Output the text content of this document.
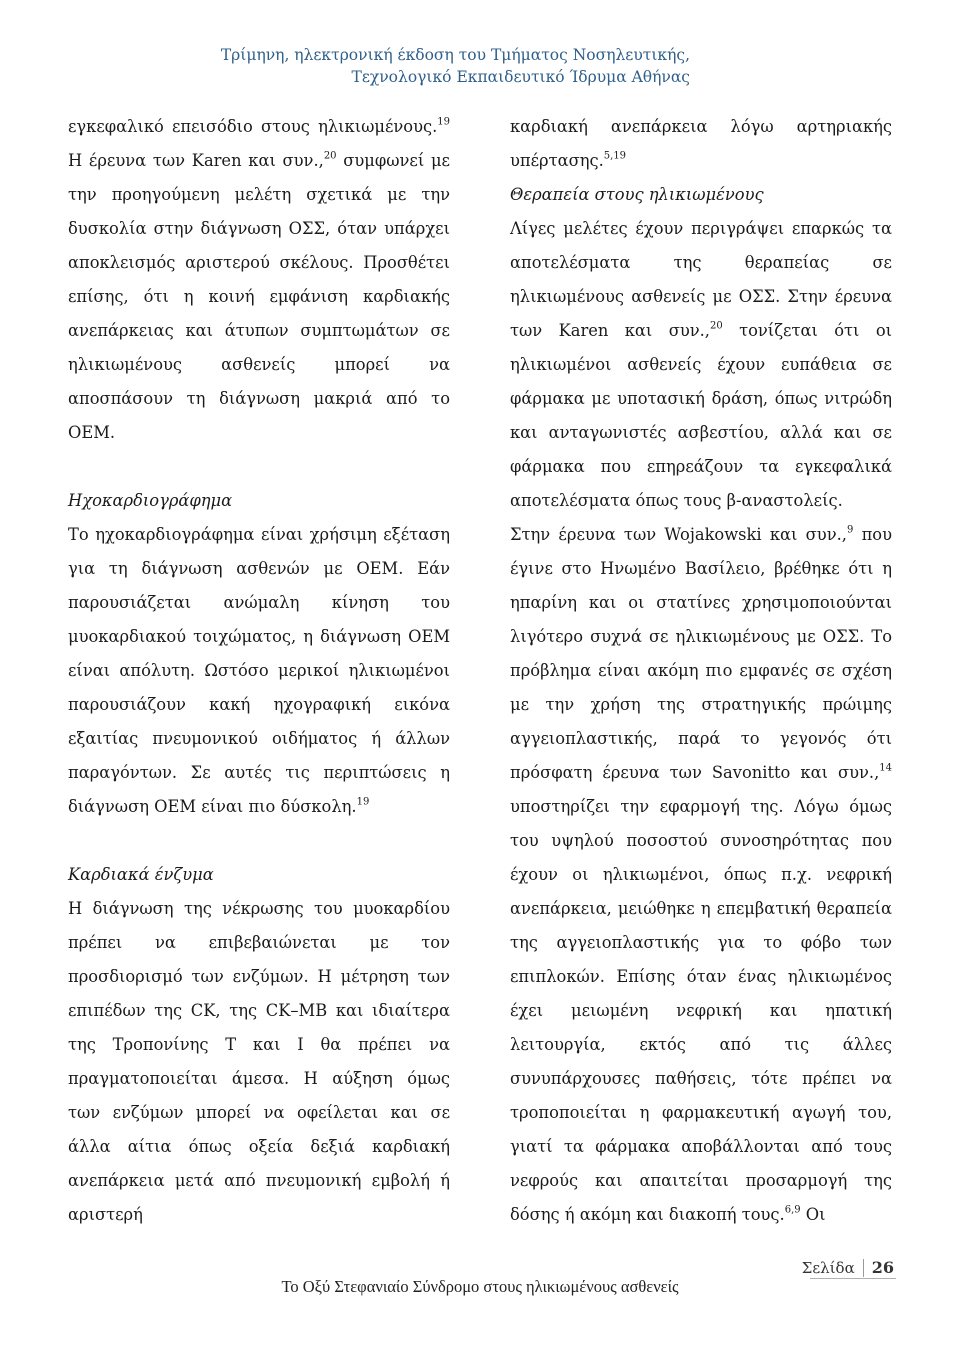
Τρίμηνη, ηλεκτρονική έκδοση του Τμήματος Νοσηλευτικής,
Τεχνολογικό Εκπαιδευτικό Ίδρυμα Αθήνας

εγκεφαλικό επεισόδιο στους ηλικιωμένους.$^{19}$ Η έρευνα των Karen και συν.,$^{20}$ συμφωνεί με την προηγούμενη μελέτη σχετικά με την δυσκολία στην διάγνωση ΟΣΣ, όταν υπάρχει αποκλεισμός αριστερού σκέλους. Προσθέτει επίσης, ότι η κοινή εμφάνιση καρδιακής ανεπάρκειας και άτυπων συμπτωμάτων σε ηλικιωμένους ασθενείς μπορεί να αποσπάσουν τη διάγνωση μακριά από το ΟΕΜ.

Ηχοκαρδιογράφημα

Το ηχοκαρδιογράφημα είναι χρήσιμη εξέταση για τη διάγνωση ασθενών με ΟΕΜ. Εάν παρουσιάζεται ανώμαλη κίνηση του μυοκαρδιακού τοιχώματος, η διάγνωση ΟΕΜ είναι απόλυτη. Ωστόσο μερικοί ηλικιωμένοι παρουσιάζουν κακή ηχογραφική εικόνα εξαιτίας πνευμονικού οιδήματος ή άλλων παραγόντων. Σε αυτές τις περιπτώσεις η διάγνωση ΟΕΜ είναι πιο δύσκολη.$^{19}$

Καρδιακά ένζυμα

Η διάγνωση της νέκρωσης του μυοκαρδίου πρέπει να επιβεβαιώνεται με τον προσδιορισμό των ενζύμων. Η μέτρηση των επιπέδων της CK, της CK–MB και ιδιαίτερα της Τροπονίνης Τ και Ι θα πρέπει να πραγματοποιείται άμεσα. Η αύξηση όμως των ενζύμων μπορεί να οφείλεται και σε άλλα αίτια όπως οξεία δεξιά καρδιακή ανεπάρκεια μετά από πνευμονική εμβολή ή αριστερή

καρδιακή ανεπάρκεια λόγω αρτηριακής υπέρτασης.$^{5,19}$

Θεραπεία στους ηλικιωμένους

Λίγες μελέτες έχουν περιγράψει επαρκώς τα αποτελέσματα της θεραπείας σε ηλικιωμένους ασθενείς με ΟΣΣ. Στην έρευνα των Karen και συν.,$^{20}$ τονίζεται ότι οι ηλικιωμένοι ασθενείς έχουν ευπάθεια σε φάρμακα με υποτασική δράση, όπως νιτρώδη και ανταγωνιστές ασβεστίου, αλλά και σε φάρμακα που επηρεάζουν τα εγκεφαλικά αποτελέσματα όπως τους β-αναστολείς.

Στην έρευνα των Wojakowski και συν.,$^9$ που έγινε στο Ηνωμένο Βασίλειο, βρέθηκε ότι η ηπαρίνη και οι στατίνες χρησιμοποιούνται λιγότερο συχνά σε ηλικιωμένους με ΟΣΣ. Το πρόβλημα είναι ακόμη πιο εμφανές σε σχέση με την χρήση της στρατηγικής πρώιμης αγγειοπλαστικής, παρά το γεγονός ότι πρόσφατη έρευνα των Savonitto και συν.,$^{14}$ υποστηρίζει την εφαρμογή της. Λόγω όμως του υψηλού ποσοστού συνοσηρότητας που έχουν οι ηλικιωμένοι, όπως π.χ. νεφρική ανεπάρκεια, μειώθηκε η επεμβατική θεραπεία της αγγειοπλαστικής για το φόβο των επιπλοκών. Επίσης όταν ένας ηλικιωμένος έχει μειωμένη νεφρική και ηπατική λειτουργία, εκτός από τις άλλες συνυπάρχουσες παθήσεις, τότε πρέπει να τροποποιείται η φαρμακευτική αγωγή του, γιατί τα φάρμακα αποβάλλονται από τους νεφρούς και απαιτείται προσαρμογή της δόσης ή ακόμη και διακοπή τους.$^{6,9}$ Οι

Σελίδα 26
Το Οξύ Στεφανιαίο Σύνδρομο στους ηλικιωμένους ασθενείς
